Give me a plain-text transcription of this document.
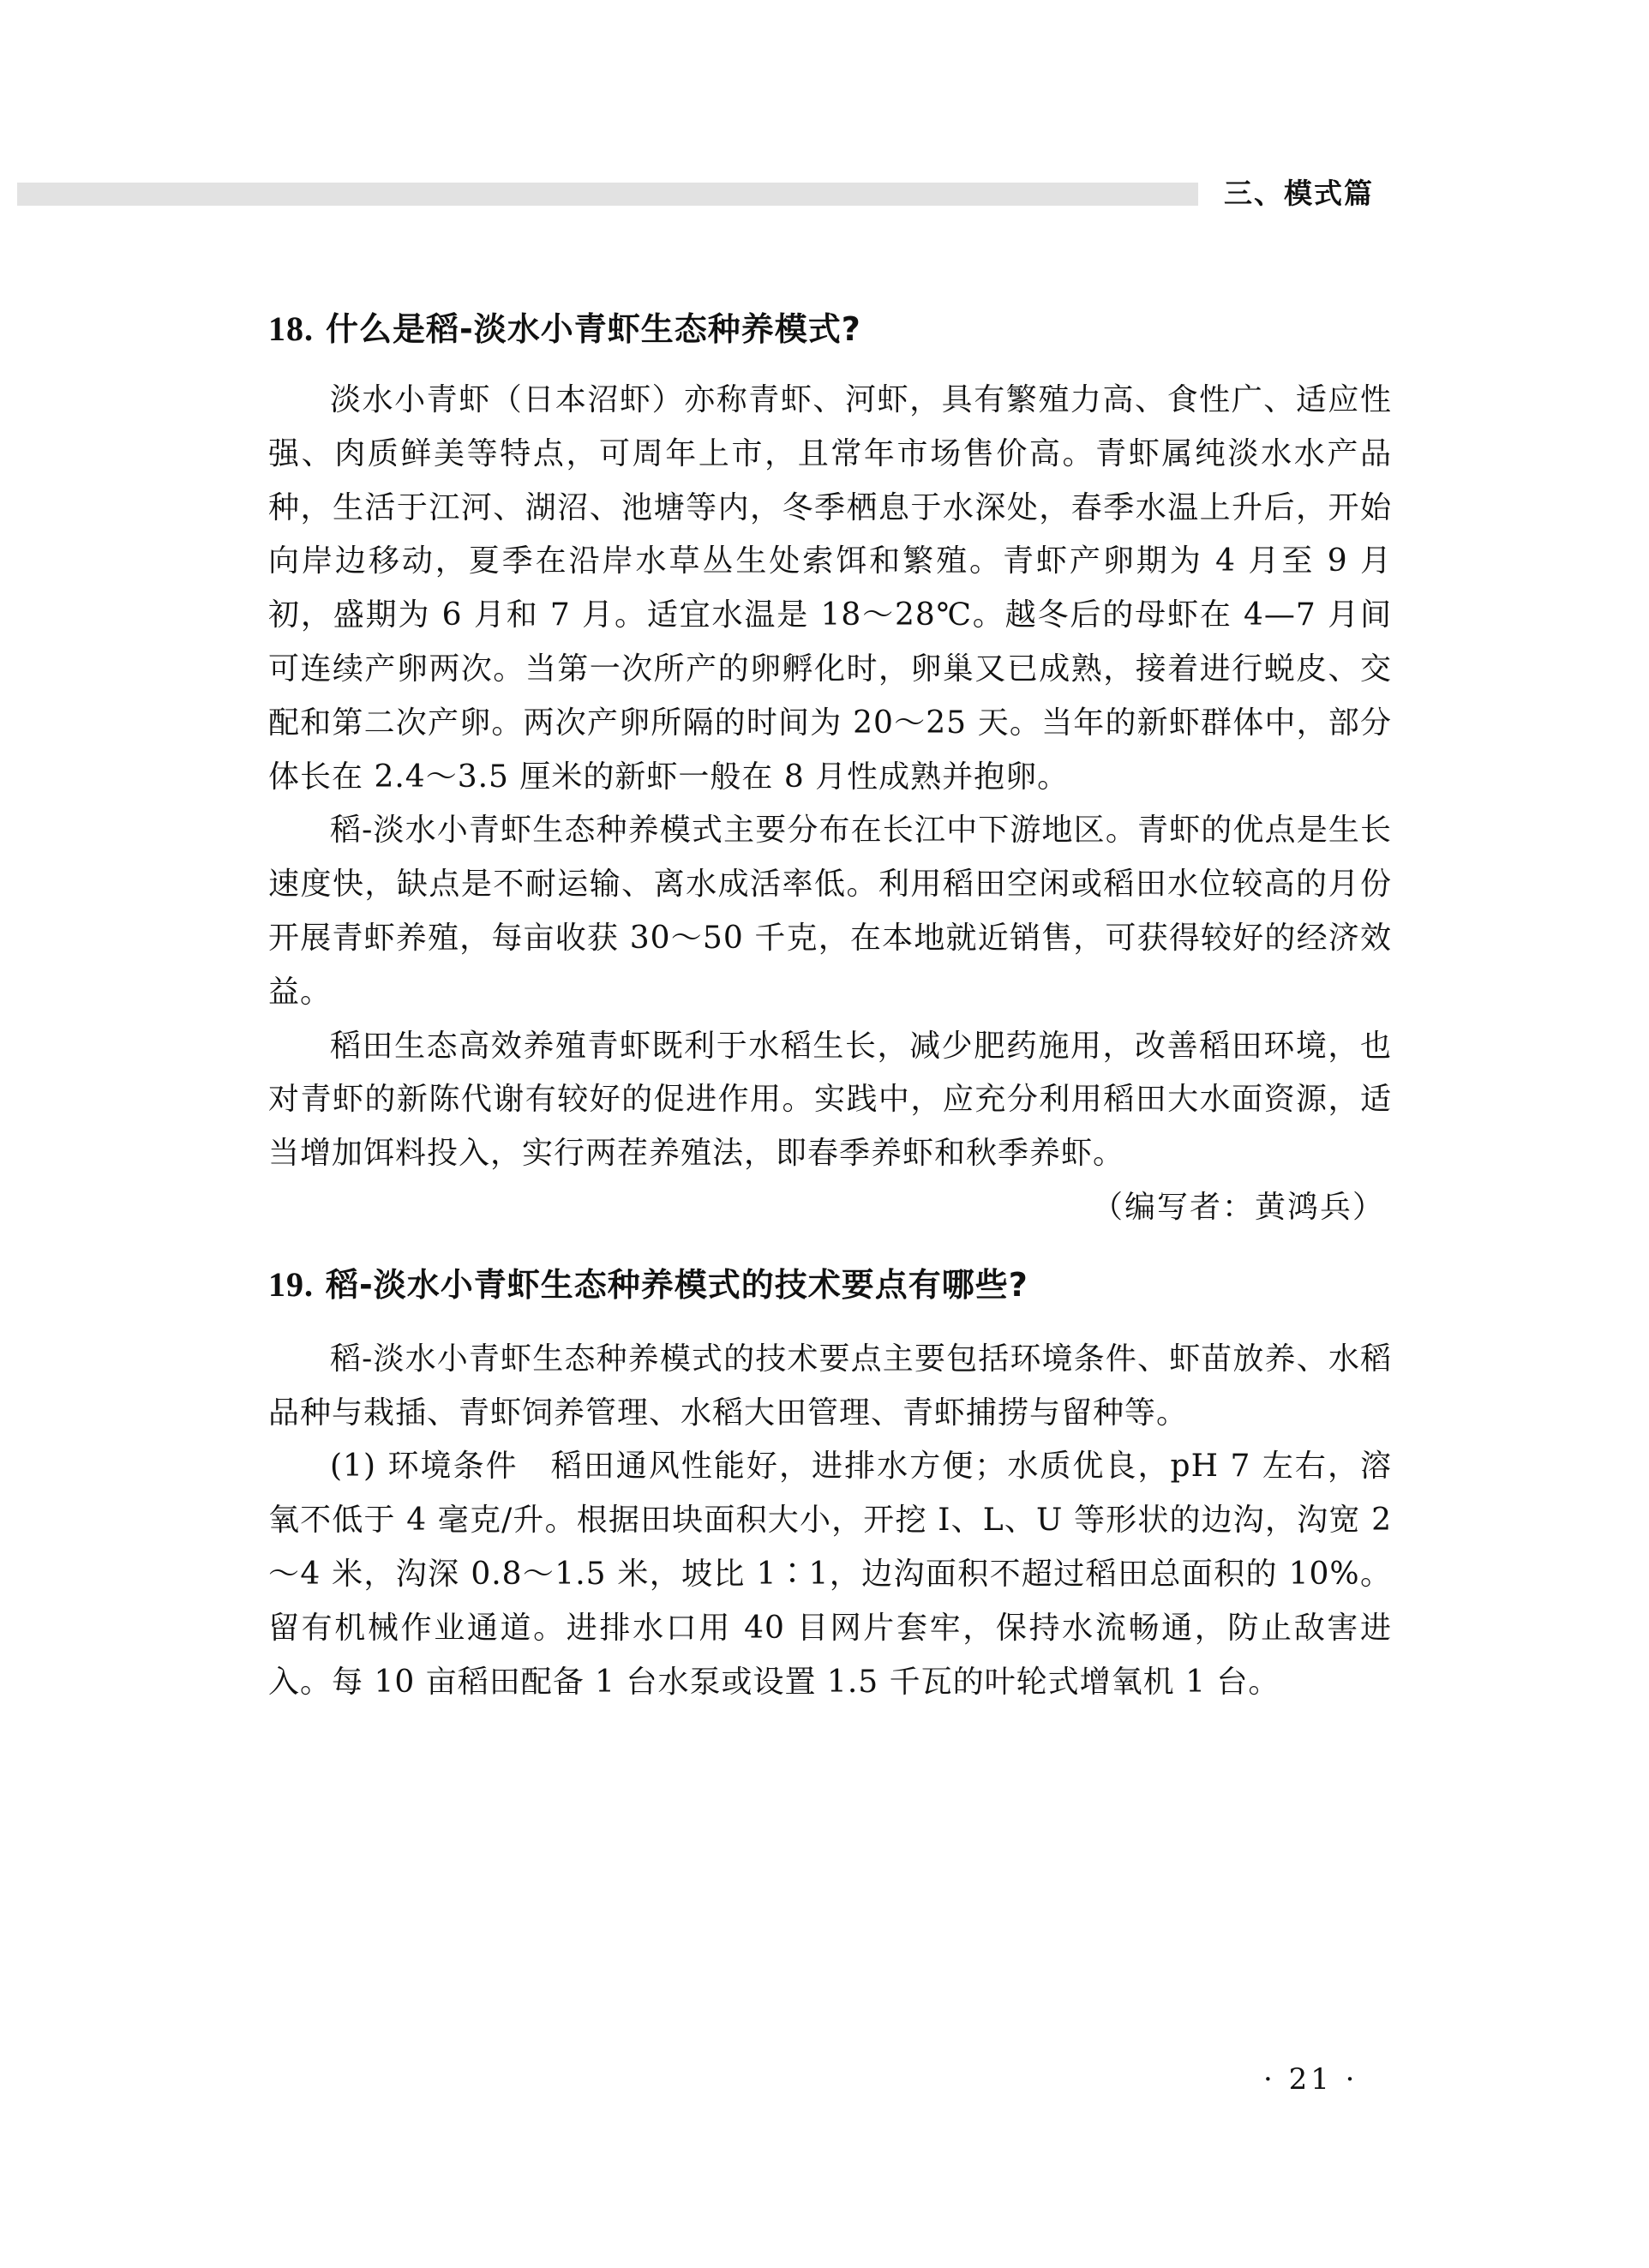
三、模式篇
18. 什么是稻-淡水小青虾生态种养模式?

淡水小青虾（日本沼虾）亦称青虾、河虾，具有繁殖力高、食性广、适应性强、肉质鲜美等特点，可周年上市，且常年市场售价高。青虾属纯淡水水产品种，生活于江河、湖沼、池塘等内，冬季栖息于水深处，春季水温上升后，开始向岸边移动，夏季在沿岸水草丛生处索饵和繁殖。青虾产卵期为 4 月至 9 月初，盛期为 6 月和 7 月。适宜水温是 18～28℃。越冬后的母虾在 4—7 月间可连续产卵两次。当第一次所产的卵孵化时，卵巢又已成熟，接着进行蜕皮、交配和第二次产卵。两次产卵所隔的时间为 20～25 天。当年的新虾群体中，部分体长在 2.4～3.5 厘米的新虾一般在 8 月性成熟并抱卵。

稻-淡水小青虾生态种养模式主要分布在长江中下游地区。青虾的优点是生长速度快，缺点是不耐运输、离水成活率低。利用稻田空闲或稻田水位较高的月份开展青虾养殖，每亩收获 30～50 千克，在本地就近销售，可获得较好的经济效益。

稻田生态高效养殖青虾既利于水稻生长，减少肥药施用，改善稻田环境，也对青虾的新陈代谢有较好的促进作用。实践中，应充分利用稻田大水面资源，适当增加饵料投入，实行两茬养殖法，即春季养虾和秋季养虾。

（编写者：黄鸿兵）

19. 稻-淡水小青虾生态种养模式的技术要点有哪些?

稻-淡水小青虾生态种养模式的技术要点主要包括环境条件、虾苗放养、水稻品种与栽插、青虾饲养管理、水稻大田管理、青虾捕捞与留种等。

(1) 环境条件　稻田通风性能好，进排水方便；水质优良，pH 7 左右，溶氧不低于 4 毫克/升。根据田块面积大小，开挖 I、L、U 等形状的边沟，沟宽 2～4 米，沟深 0.8～1.5 米，坡比 1∶1，边沟面积不超过稻田总面积的 10%。留有机械作业通道。进排水口用 40 目网片套牢，保持水流畅通，防止敌害进入。每 10 亩稻田配备 1 台水泵或设置 1.5 千瓦的叶轮式增氧机 1 台。

· 21 ·
